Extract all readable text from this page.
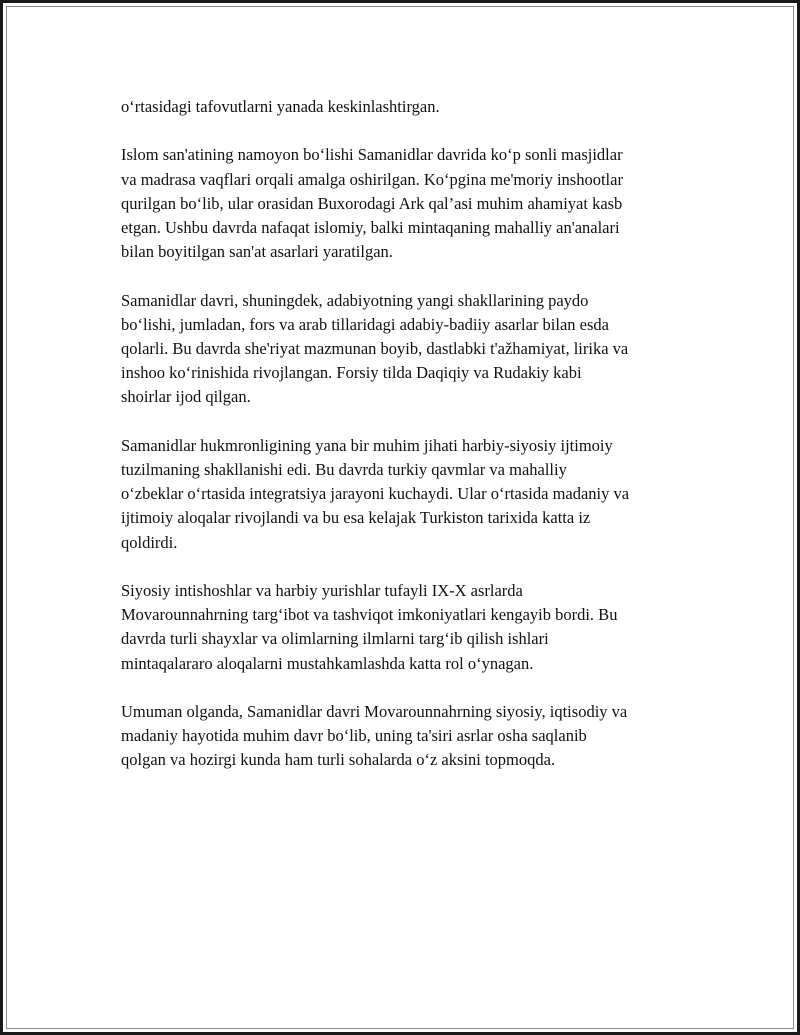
o‘rtasidagi tafovutlarni yanada keskinlashtirgan.

Islom san'atining namoyon bo‘lishi Samanidlar davrida ko‘p sonli masjidlar
va madrasa vaqflari orqali amalga oshirilgan. Ko‘pgina me'moriy inshootlar
qurilgan bo‘lib, ular orasidan Buxorodagi Ark qal’asi muhim ahamiyat kasb
etgan. Ushbu davrda nafaqat islomiy, balki mintaqaning mahalliy an'analari
bilan boyitilgan san'at asarlari yaratilgan.

Samanidlar davri, shuningdek, adabiyotning yangi shakllarining paydo
bo‘lishi, jumladan, fors va arab tillaridagi adabiy-badiiy asarlar bilan esda
qolarli. Bu davrda she'riyat mazmunan boyib, dastlabki t'ažhamiyat, lirika va
inshoo ko‘rinishida rivojlangan. Forsiy tilda Daqiqiy va Rudakiy kabi
shoirlar ijod qilgan.

Samanidlar hukmronligining yana bir muhim jihati harbiy-siyosiy ijtimoiy
tuzilmaning shakllanishi edi. Bu davrda turkiy qavmlar va mahalliy
o‘zbeklar o‘rtasida integratsiya jarayoni kuchaydi. Ular o‘rtasida madaniy va
ijtimoiy aloqalar rivojlandi va bu esa kelajak Turkiston tarixida katta iz
qoldirdi.

Siyosiy intishoshlar va harbiy yurishlar tufayli IX-X asrlarda
Movarounnahrning targ‘ibot va tashviqot imkoniyatlari kengayib bordi. Bu
davrda turli shayxlar va olimlarning ilmlarni targ‘ib qilish ishlari
mintaqalararo aloqalarni mustahkamlashda katta rol o‘ynagan.

Umuman olganda, Samanidlar davri Movarounnahrning siyosiy, iqtisodiy va
madaniy hayotida muhim davr bo‘lib, uning ta'siri asrlar osha saqlanib
qolgan va hozirgi kunda ham turli sohalarda o‘z aksini topmoqda.
